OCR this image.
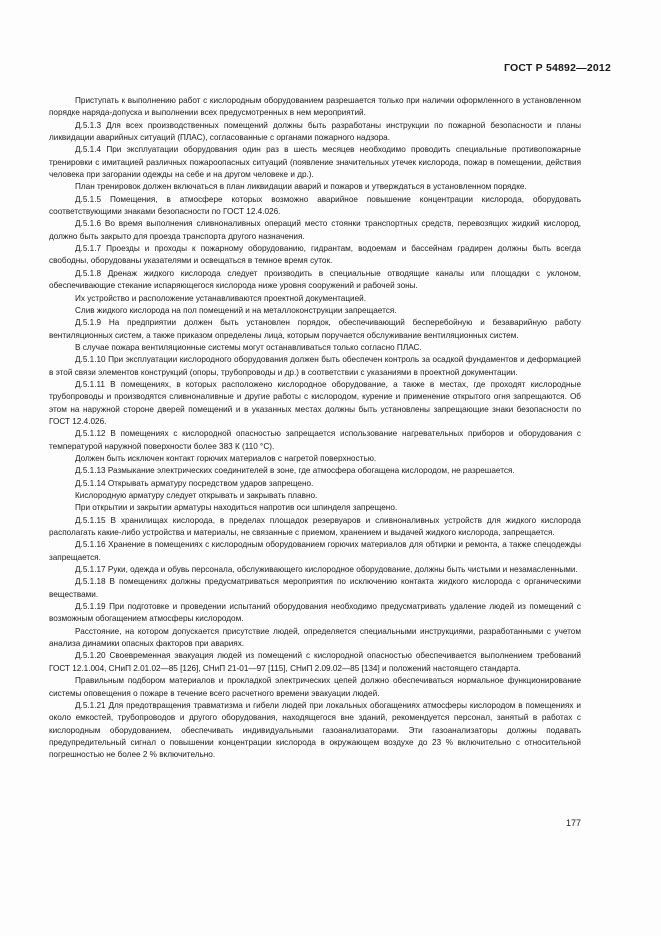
ГОСТ Р 54892—2012

Приступать к выполнению работ с кислородным оборудованием разрешается только при наличии оформленного в установленном порядке наряда-допуска и выполнении всех предусмотренных в нем мероприятий.

Д.5.1.3 Для всех производственных помещений должны быть разработаны инструкции по пожарной безопасности и планы ликвидации аварийных ситуаций (ПЛАС), согласованные с органами пожарного надзора.

Д.5.1.4 При эксплуатации оборудования один раз в шесть месяцев необходимо проводить специальные противопожарные тренировки с имитацией различных пожароопасных ситуаций (появление значительных утечек кислорода, пожар в помещении, действия человека при загорании одежды на себе и на другом человеке и др.).

План тренировок должен включаться в план ликвидации аварий и пожаров и утверждаться в установленном порядке.

Д.5.1.5 Помещения, в атмосфере которых возможно аварийное повышение концентрации кислорода, оборудовать соответствующими знаками безопасности по ГОСТ 12.4.026.

Д.5.1.6 Во время выполнения сливноналивных операций место стоянки транспортных средств, перевозящих жидкий кислород, должно быть закрыто для проезда транспорта другого назначения.

Д.5.1.7 Проезды и проходы к пожарному оборудованию, гидрантам, водоемам и бассейнам градирен должны быть всегда свободны, оборудованы указателями и освещаться в темное время суток.

Д.5.1.8 Дренаж жидкого кислорода следует производить в специальные отводящие каналы или площадки с уклоном, обеспечивающие стекание испаряющегося кислорода ниже уровня сооружений и рабочей зоны.

Их устройство и расположение устанавливаются проектной документацией.

Слив жидкого кислорода на пол помещений и на металлоконструкции запрещается.

Д.5.1.9 На предприятии должен быть установлен порядок, обеспечивающий бесперебойную и безаварийную работу вентиляционных систем, а также приказом определены лица, которым поручается обслуживание вентиляционных систем.

В случае пожара вентиляционные системы могут останавливаться только согласно ПЛАС.

Д.5.1.10 При эксплуатации кислородного оборудования должен быть обеспечен контроль за осадкой фундаментов и деформацией в этой связи элементов конструкций (опоры, трубопроводы и др.) в соответствии с указаниями в проектной документации.

Д.5.1.11 В помещениях, в которых расположено кислородное оборудование, а также в местах, где проходят кислородные трубопроводы и производятся сливноналивные и другие работы с кислородом, курение и применение открытого огня запрещаются. Об этом на наружной стороне дверей помещений и в указанных местах должны быть установлены запрещающие знаки безопасности по ГОСТ 12.4.026.

Д.5.1.12 В помещениях с кислородной опасностью запрещается использование нагревательных приборов и оборудования с температурой наружной поверхности более 383 К (110 °С).

Должен быть исключен контакт горючих материалов с нагретой поверхностью.

Д.5.1.13 Размыкание электрических соединителей в зоне, где атмосфера обогащена кислородом, не разрешается.

Д.5.1.14 Открывать арматуру посредством ударов запрещено.

Кислородную арматуру следует открывать и закрывать плавно.

При открытии и закрытии арматуры находиться напротив оси шпинделя запрещено.

Д.5.1.15 В хранилищах кислорода, в пределах площадок резервуаров и сливноналивных устройств для жидкого кислорода располагать какие-либо устройства и материалы, не связанные с приемом, хранением и выдачей жидкого кислорода, запрещается.

Д.5.1.16 Хранение в помещениях с кислородным оборудованием горючих материалов для обтирки и ремонта, а также спецодежды запрещается.

Д.5.1.17 Руки, одежда и обувь персонала, обслуживающего кислородное оборудование, должны быть чистыми и незамасленными.

Д.5.1.18 В помещениях должны предусматриваться мероприятия по исключению контакта жидкого кислорода с органическими веществами.

Д.5.1.19 При подготовке и проведении испытаний оборудования необходимо предусматривать удаление людей из помещений с возможным обогащением атмосферы кислородом.

Расстояние, на котором допускается присутствие людей, определяется специальными инструкциями, разработанными с учетом анализа динамики опасных факторов при авариях.

Д.5.1.20 Своевременная эвакуация людей из помещений с кислородной опасностью обеспечивается выполнением требований ГОСТ 12.1.004, СНиП 2.01.02—85 [126], СНиП 21-01—97 [115], СНиП 2.09.02—85 [134] и положений настоящего стандарта.

Правильным подбором материалов и прокладкой электрических цепей должно обеспечиваться нормальное функционирование системы оповещения о пожаре в течение всего расчетного времени эвакуации людей.

Д.5.1.21 Для предотвращения травматизма и гибели людей при локальных обогащениях атмосферы кислородом в помещениях и около емкостей, трубопроводов и другого оборудования, находящегося вне зданий, рекомендуется персонал, занятый в работах с кислородным оборудованием, обеспечивать индивидуальными газоанализаторами. Эти газоанализаторы должны подавать предупредительный сигнал о повышении концентрации кислорода в окружающем воздухе до 23 % включительно с относительной погрешностью не более 2 % включительно.

177
